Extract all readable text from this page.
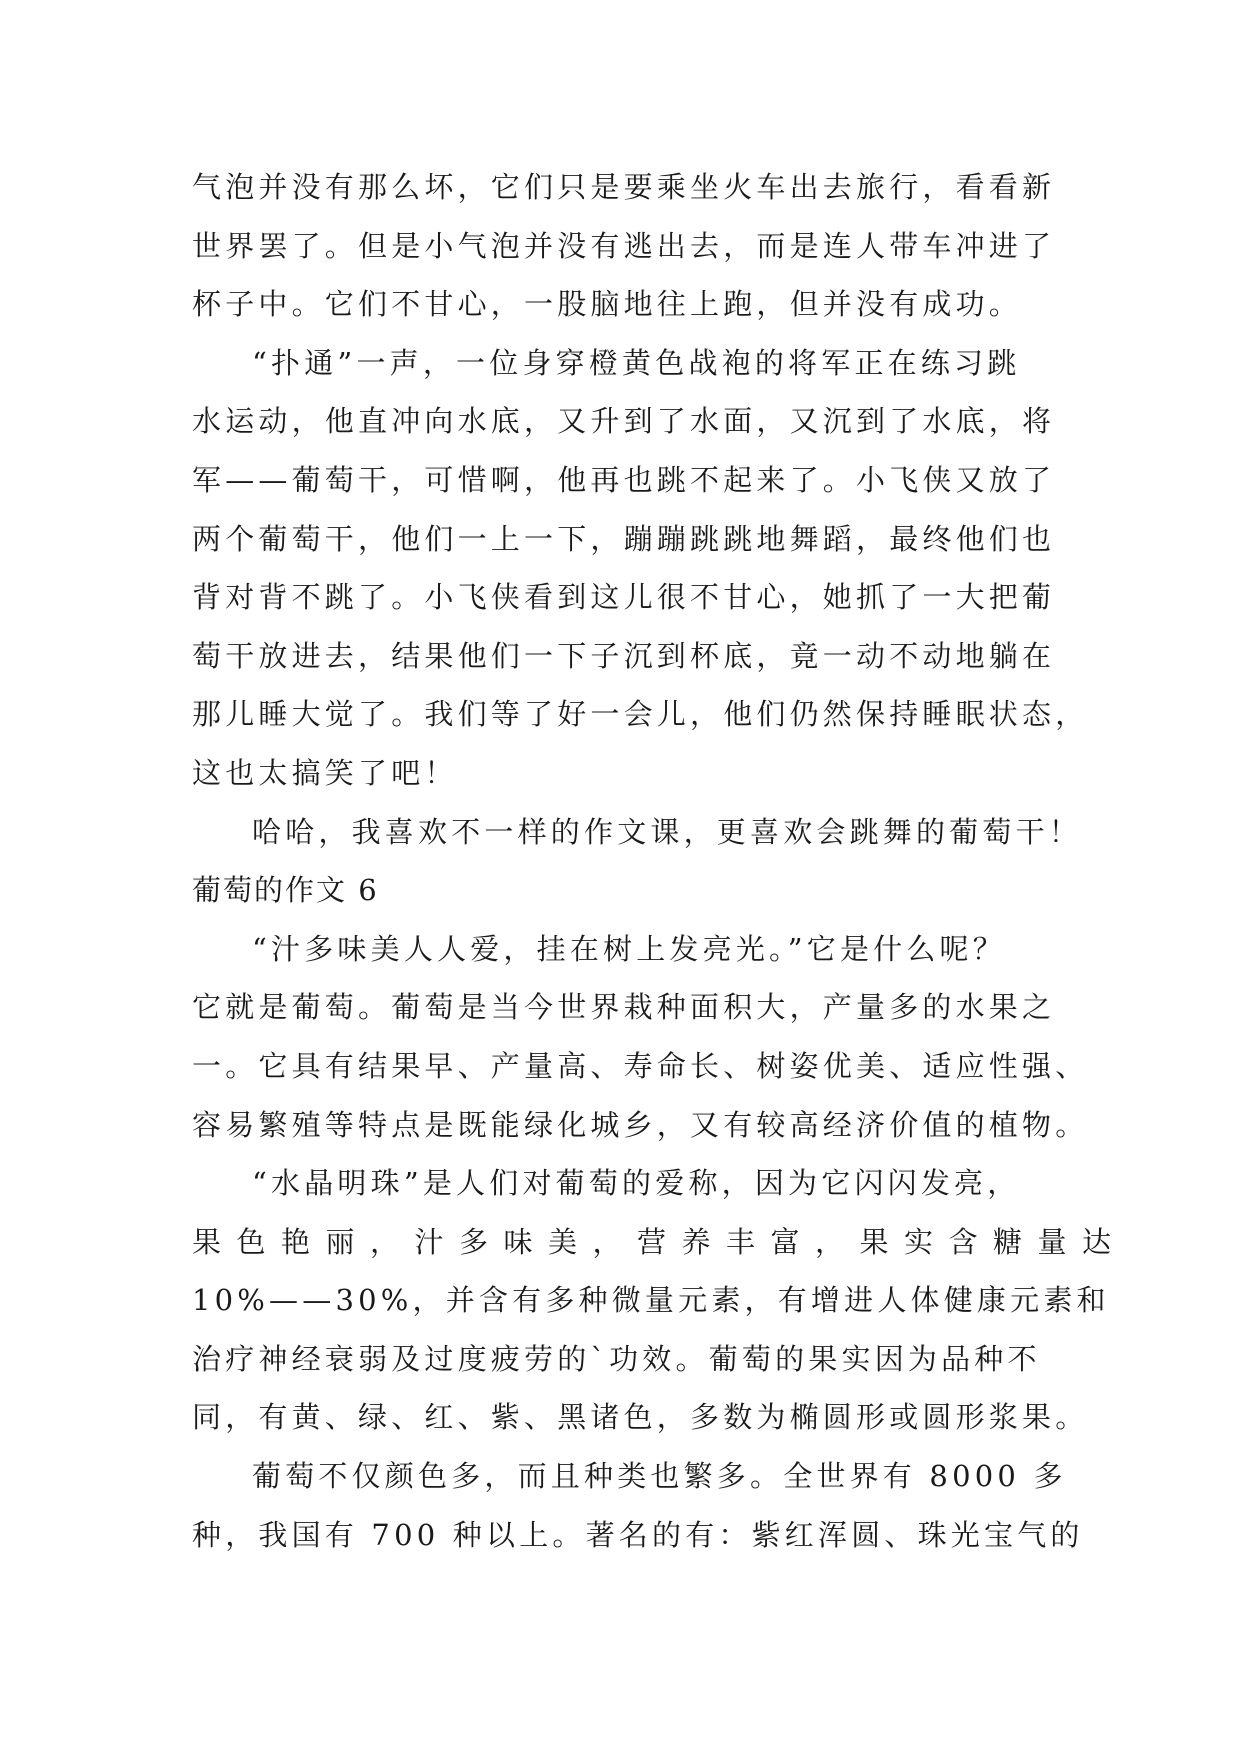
气泡并没有那么坏，它们只是要乘坐火车出去旅行，看看新
世界罢了。但是小气泡并没有逃出去，而是连人带车冲进了
杯子中。它们不甘心，一股脑地往上跑，但并没有成功。
“扑通”一声，一位身穿橙黄色战袍的将军正在练习跳
水运动，他直冲向水底，又升到了水面，又沉到了水底，将
军——葡萄干，可惜啊，他再也跳不起来了。小飞侠又放了
两个葡萄干，他们一上一下，蹦蹦跳跳地舞蹈，最终他们也
背对背不跳了。小飞侠看到这儿很不甘心，她抓了一大把葡
萄干放进去，结果他们一下子沉到杯底，竟一动不动地躺在
那儿睡大觉了。我们等了好一会儿，他们仍然保持睡眠状态，
这也太搞笑了吧！
哈哈，我喜欢不一样的作文课，更喜欢会跳舞的葡萄干！
葡萄的作文 6
“汁多味美人人爱，挂在树上发亮光。”它是什么呢？
它就是葡萄。葡萄是当今世界栽种面积大，产量多的水果之
一。它具有结果早、产量高、寿命长、树姿优美、适应性强、
容易繁殖等特点是既能绿化城乡，又有较高经济价值的植物。
“水晶明珠”是人们对葡萄的爱称，因为它闪闪发亮，
果色艳丽，汁多味美，营养丰富，果实含糖量达
10%——30%，并含有多种微量元素，有增进人体健康元素和
治疗神经衰弱及过度疲劳的`功效。葡萄的果实因为品种不
同，有黄、绿、红、紫、黑诸色，多数为椭圆形或圆形浆果。
葡萄不仅颜色多，而且种类也繁多。全世界有 8000 多
种，我国有 700 种以上。著名的有：紫红浑圆、珠光宝气的
